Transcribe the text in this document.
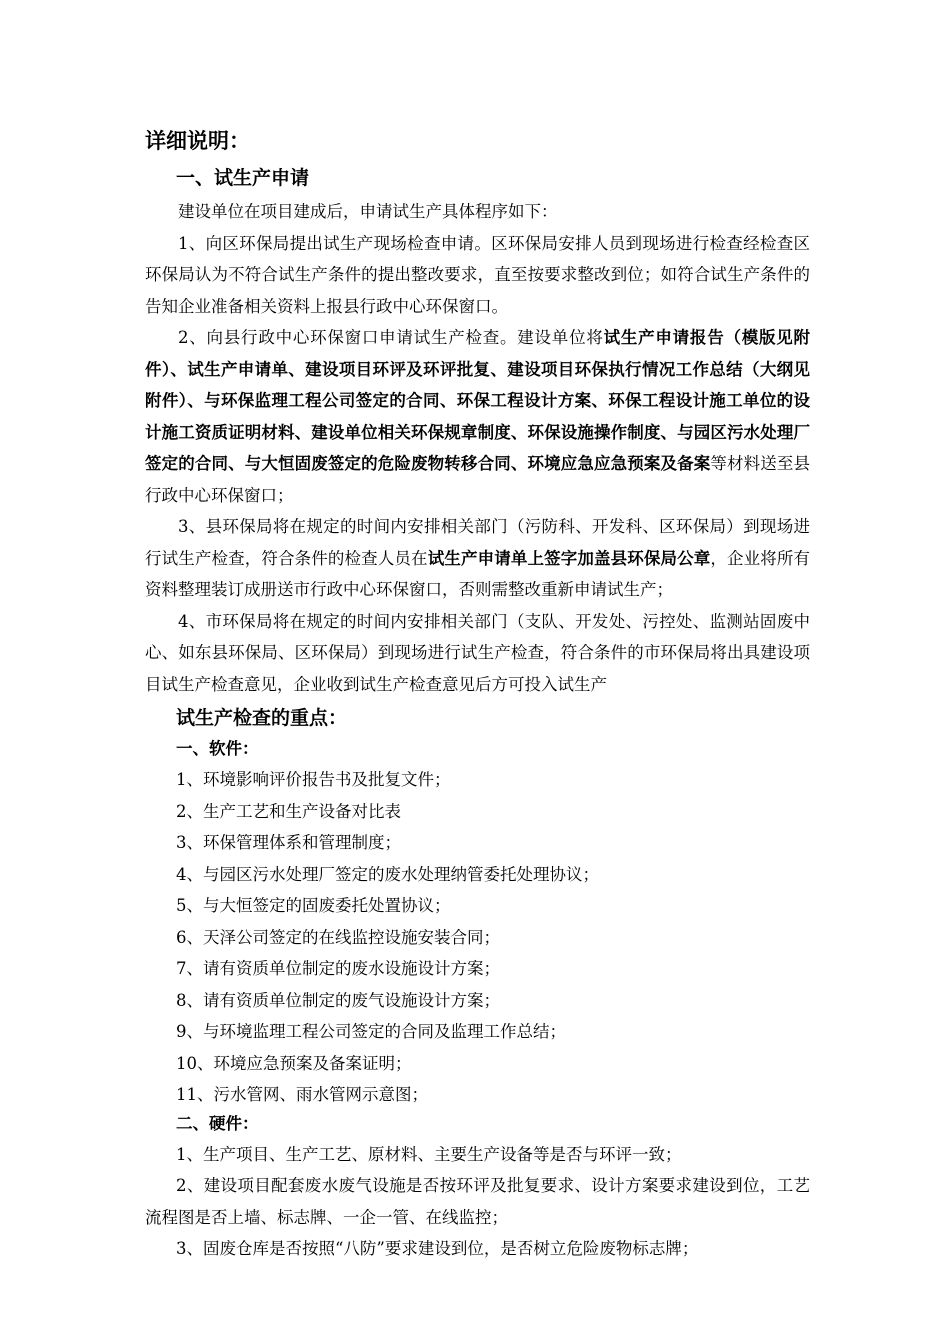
详细说明：
一、试生产申请

建设单位在项目建成后，申请试生产具体程序如下：

1、向区环保局提出试生产现场检查申请。区环保局安排人员到现场进行检查经检查区环保局认为不符合试生产条件的提出整改要求，直至按要求整改到位；如符合试生产条件的告知企业准备相关资料上报县行政中心环保窗口。

2、向县行政中心环保窗口申请试生产检查。建设单位将试生产申请报告（模版见附件）、试生产申请单、建设项目环评及环评批复、建设项目环保执行情况工作总结（大纲见附件）、与环保监理工程公司签定的合同、环保工程设计方案、环保工程设计施工单位的设计施工资质证明材料、建设单位相关环保规章制度、环保设施操作制度、与园区污水处理厂签定的合同、与大恒固废签定的危险废物转移合同、环境应急应急预案及备案等材料送至县行政中心环保窗口；

3、县环保局将在规定的时间内安排相关部门（污防科、开发科、区环保局）到现场进行试生产检查，符合条件的检查人员在试生产申请单上签字加盖县环保局公章，企业将所有资料整理装订成册送市行政中心环保窗口，否则需整改重新申请试生产；

4、市环保局将在规定的时间内安排相关部门（支队、开发处、污控处、监测站固废中心、如东县环保局、区环保局）到现场进行试生产检查，符合条件的市环保局将出具建设项目试生产检查意见，企业收到试生产检查意见后方可投入试生产

试生产检查的重点：
一、软件：
1、环境影响评价报告书及批复文件；
2、生产工艺和生产设备对比表
3、环保管理体系和管理制度；
4、与园区污水处理厂签定的废水处理纳管委托处理协议；
5、与大恒签定的固废委托处置协议；
6、天泽公司签定的在线监控设施安装合同；
7、请有资质单位制定的废水设施设计方案；
8、请有资质单位制定的废气设施设计方案；
9、与环境监理工程公司签定的合同及监理工作总结；
10、环境应急预案及备案证明；
11、污水管网、雨水管网示意图；
二、硬件：
1、生产项目、生产工艺、原材料、主要生产设备等是否与环评一致；

2、建设项目配套废水废气设施是否按环评及批复要求、设计方案要求建设到位，工艺流程图是否上墙、标志牌、一企一管、在线监控；

3、固废仓库是否按照“八防”要求建设到位，是否树立危险废物标志牌；
